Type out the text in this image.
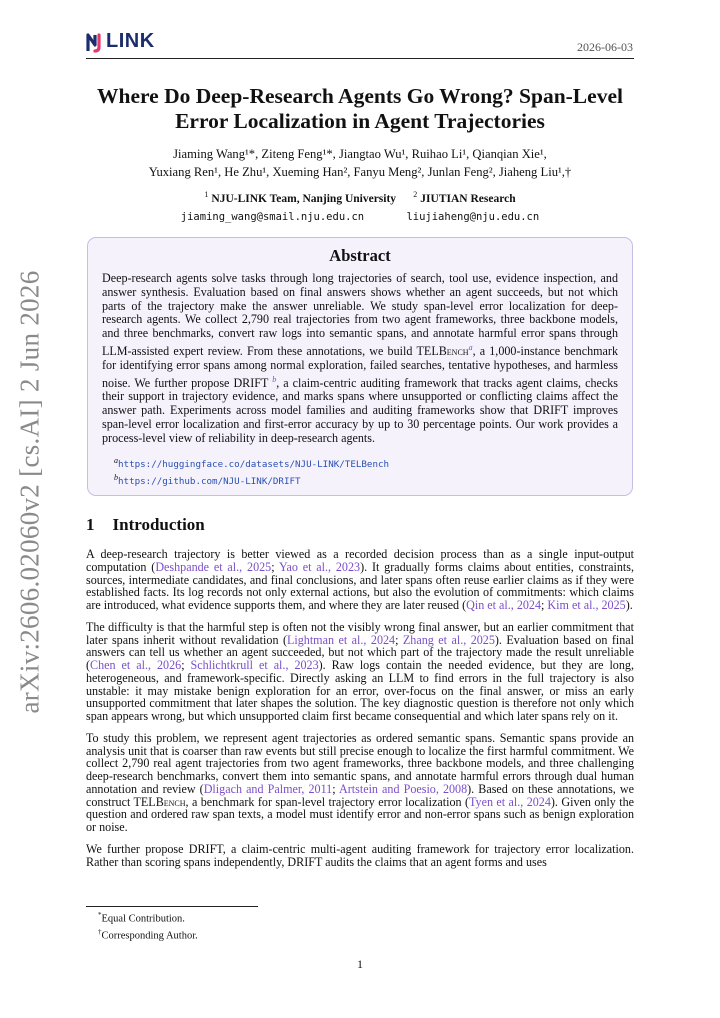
LINK	2026-06-03
arXiv:2606.02060v2 [cs.AI] 2 Jun 2026
Where Do Deep-Research Agents Go Wrong? Span-Level Error Localization in Agent Trajectories
Jiaming Wang¹*, Ziteng Feng¹*, Jiangtao Wu¹, Ruihao Li¹, Qianqian Xie¹,
Yuxiang Ren¹, He Zhu¹, Xueming Han², Fanyu Meng², Junlan Feng², Jiaheng Liu¹,†
$^1$ NJU-LINK Team, Nanjing University $^2$ JIUTIAN Research
jiaming_wang@smail.nju.edu.cn	liujiaheng@nju.edu.cn
Abstract
Deep-research agents solve tasks through long trajectories of search, tool use, evidence inspection, and answer synthesis. Evaluation based on final answers shows whether an agent succeeds, but not which parts of the trajectory make the answer unreliable. We study span-level error localization for deep-research agents. We collect 2,790 real trajectories from two agent frameworks, three backbone models, and three benchmarks, convert raw logs into semantic spans, and annotate harmful error spans through LLM-assisted expert review. From these annotations, we build TELBench$^a$, a 1,000-instance benchmark for identifying error spans among normal exploration, failed searches, tentative hypotheses, and harmless noise. We further propose DRIFT $^b$, a claim-centric auditing framework that tracks agent claims, checks their support in trajectory evidence, and marks spans where unsupported or conflicting claims affect the answer path. Experiments across model families and auditing frameworks show that DRIFT improves span-level error localization and first-error accuracy by up to 30 percentage points. Our work provides a process-level view of reliability in deep-research agents.
ahttps://huggingface.co/datasets/NJU-LINK/TELBench
bhttps://github.com/NJU-LINK/DRIFT
1 Introduction

A deep-research trajectory is better viewed as a recorded decision process than as a single input-output computation (Deshpande et al., 2025; Yao et al., 2023). It gradually forms claims about entities, constraints, sources, intermediate candidates, and final conclusions, and later spans often reuse earlier claims as if they were established facts. Its log records not only external actions, but also the evolution of commitments: which claims are introduced, what evidence supports them, and where they are later reused (Qin et al., 2024; Kim et al., 2025).

The difficulty is that the harmful step is often not the visibly wrong final answer, but an earlier commitment that later spans inherit without revalidation (Lightman et al., 2024; Zhang et al., 2025). Evaluation based on final answers can tell us whether an agent succeeded, but not which part of the trajectory made the result unreliable (Chen et al., 2026; Schlichtkrull et al., 2023). Raw logs contain the needed evidence, but they are long, heterogeneous, and framework-specific. Directly asking an LLM to find errors in the full trajectory is also unstable: it may mistake benign exploration for an error, over-focus on the final answer, or miss an early unsupported commitment that later shapes the solution. The key diagnostic question is therefore not only which span appears wrong, but which unsupported claim first became consequential and which later spans rely on it.

To study this problem, we represent agent trajectories as ordered semantic spans. Semantic spans provide an analysis unit that is coarser than raw events but still precise enough to localize the first harmful commitment. We collect 2,790 real agent trajectories from two agent frameworks, three backbone models, and three challenging deep-research benchmarks, convert them into semantic spans, and annotate harmful errors through dual human annotation and review (Dligach and Palmer, 2011; Artstein and Poesio, 2008). Based on these annotations, we construct TELBench, a benchmark for span-level trajectory error localization (Tyen et al., 2024). Given only the question and ordered raw span texts, a model must identify error and non-error spans such as benign exploration or noise.

We further propose DRIFT, a claim-centric multi-agent auditing framework for trajectory error localization. Rather than scoring spans independently, DRIFT audits the claims that an agent forms and uses

*Equal Contribution.
†Corresponding Author.
1
